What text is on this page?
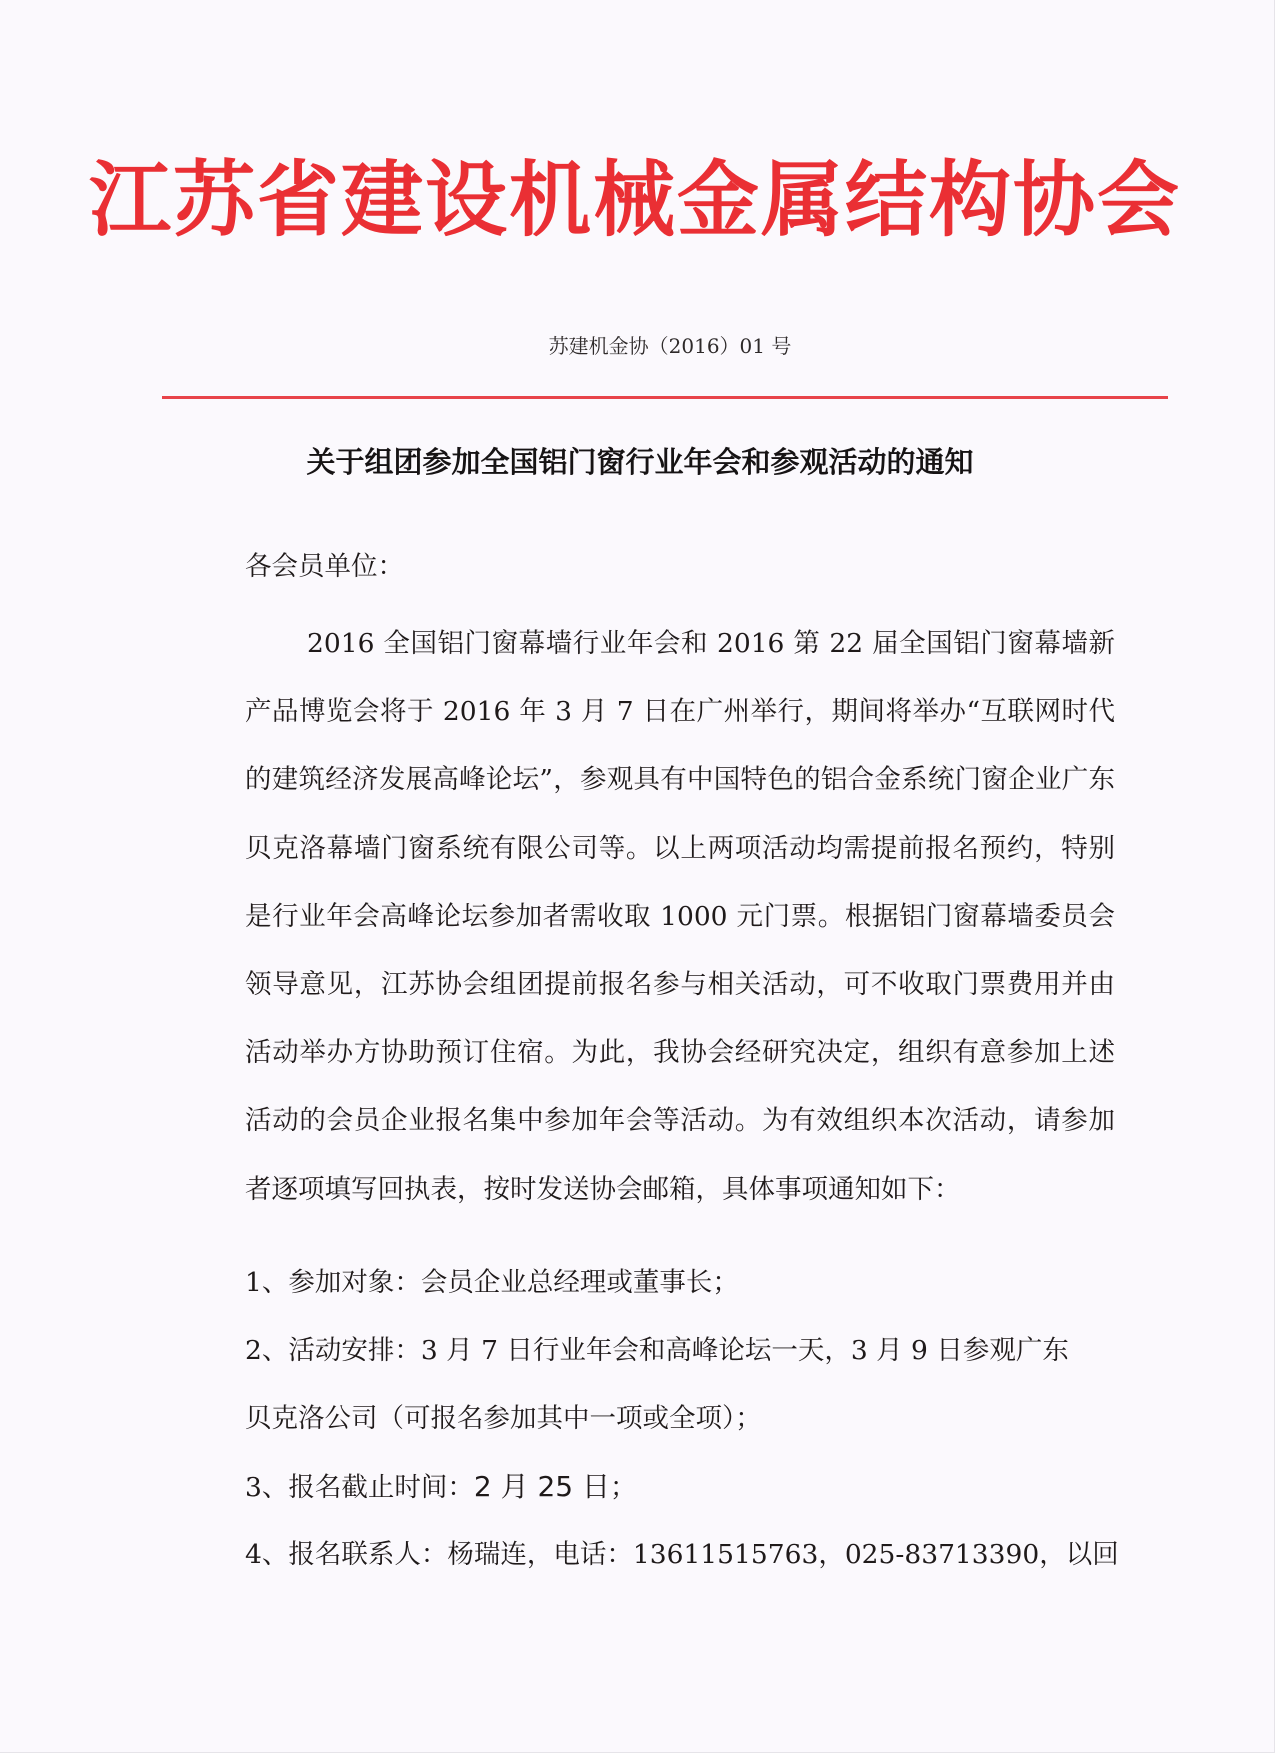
江苏省建设机械金属结构协会
苏建机金协（2016）01 号
关于组团参加全国铝门窗行业年会和参观活动的通知
各会员单位：
2016 全国铝门窗幕墙行业年会和 2016 第 22 届全国铝门窗幕墙新产品博览会将于 2016 年 3 月 7 日在广州举行，期间将举办“互联网时代的建筑经济发展高峰论坛”，参观具有中国特色的铝合金系统门窗企业广东贝克洛幕墙门窗系统有限公司等。以上两项活动均需提前报名预约，特别是行业年会高峰论坛参加者需收取 1000 元门票。根据铝门窗幕墙委员会领导意见，江苏协会组团提前报名参与相关活动，可不收取门票费用并由活动举办方协助预订住宿。为此，我协会经研究决定，组织有意参加上述活动的会员企业报名集中参加年会等活动。为有效组织本次活动，请参加者逐项填写回执表，按时发送协会邮箱，具体事项通知如下：
1、参加对象：会员企业总经理或董事长；
2、活动安排：3 月 7 日行业年会和高峰论坛一天，3 月 9 日参观广东
贝克洛公司（可报名参加其中一项或全项）；
3、报名截止时间：2 月 25 日；
4、报名联系人：杨瑞连，电话：13611515763，025-83713390，以回
